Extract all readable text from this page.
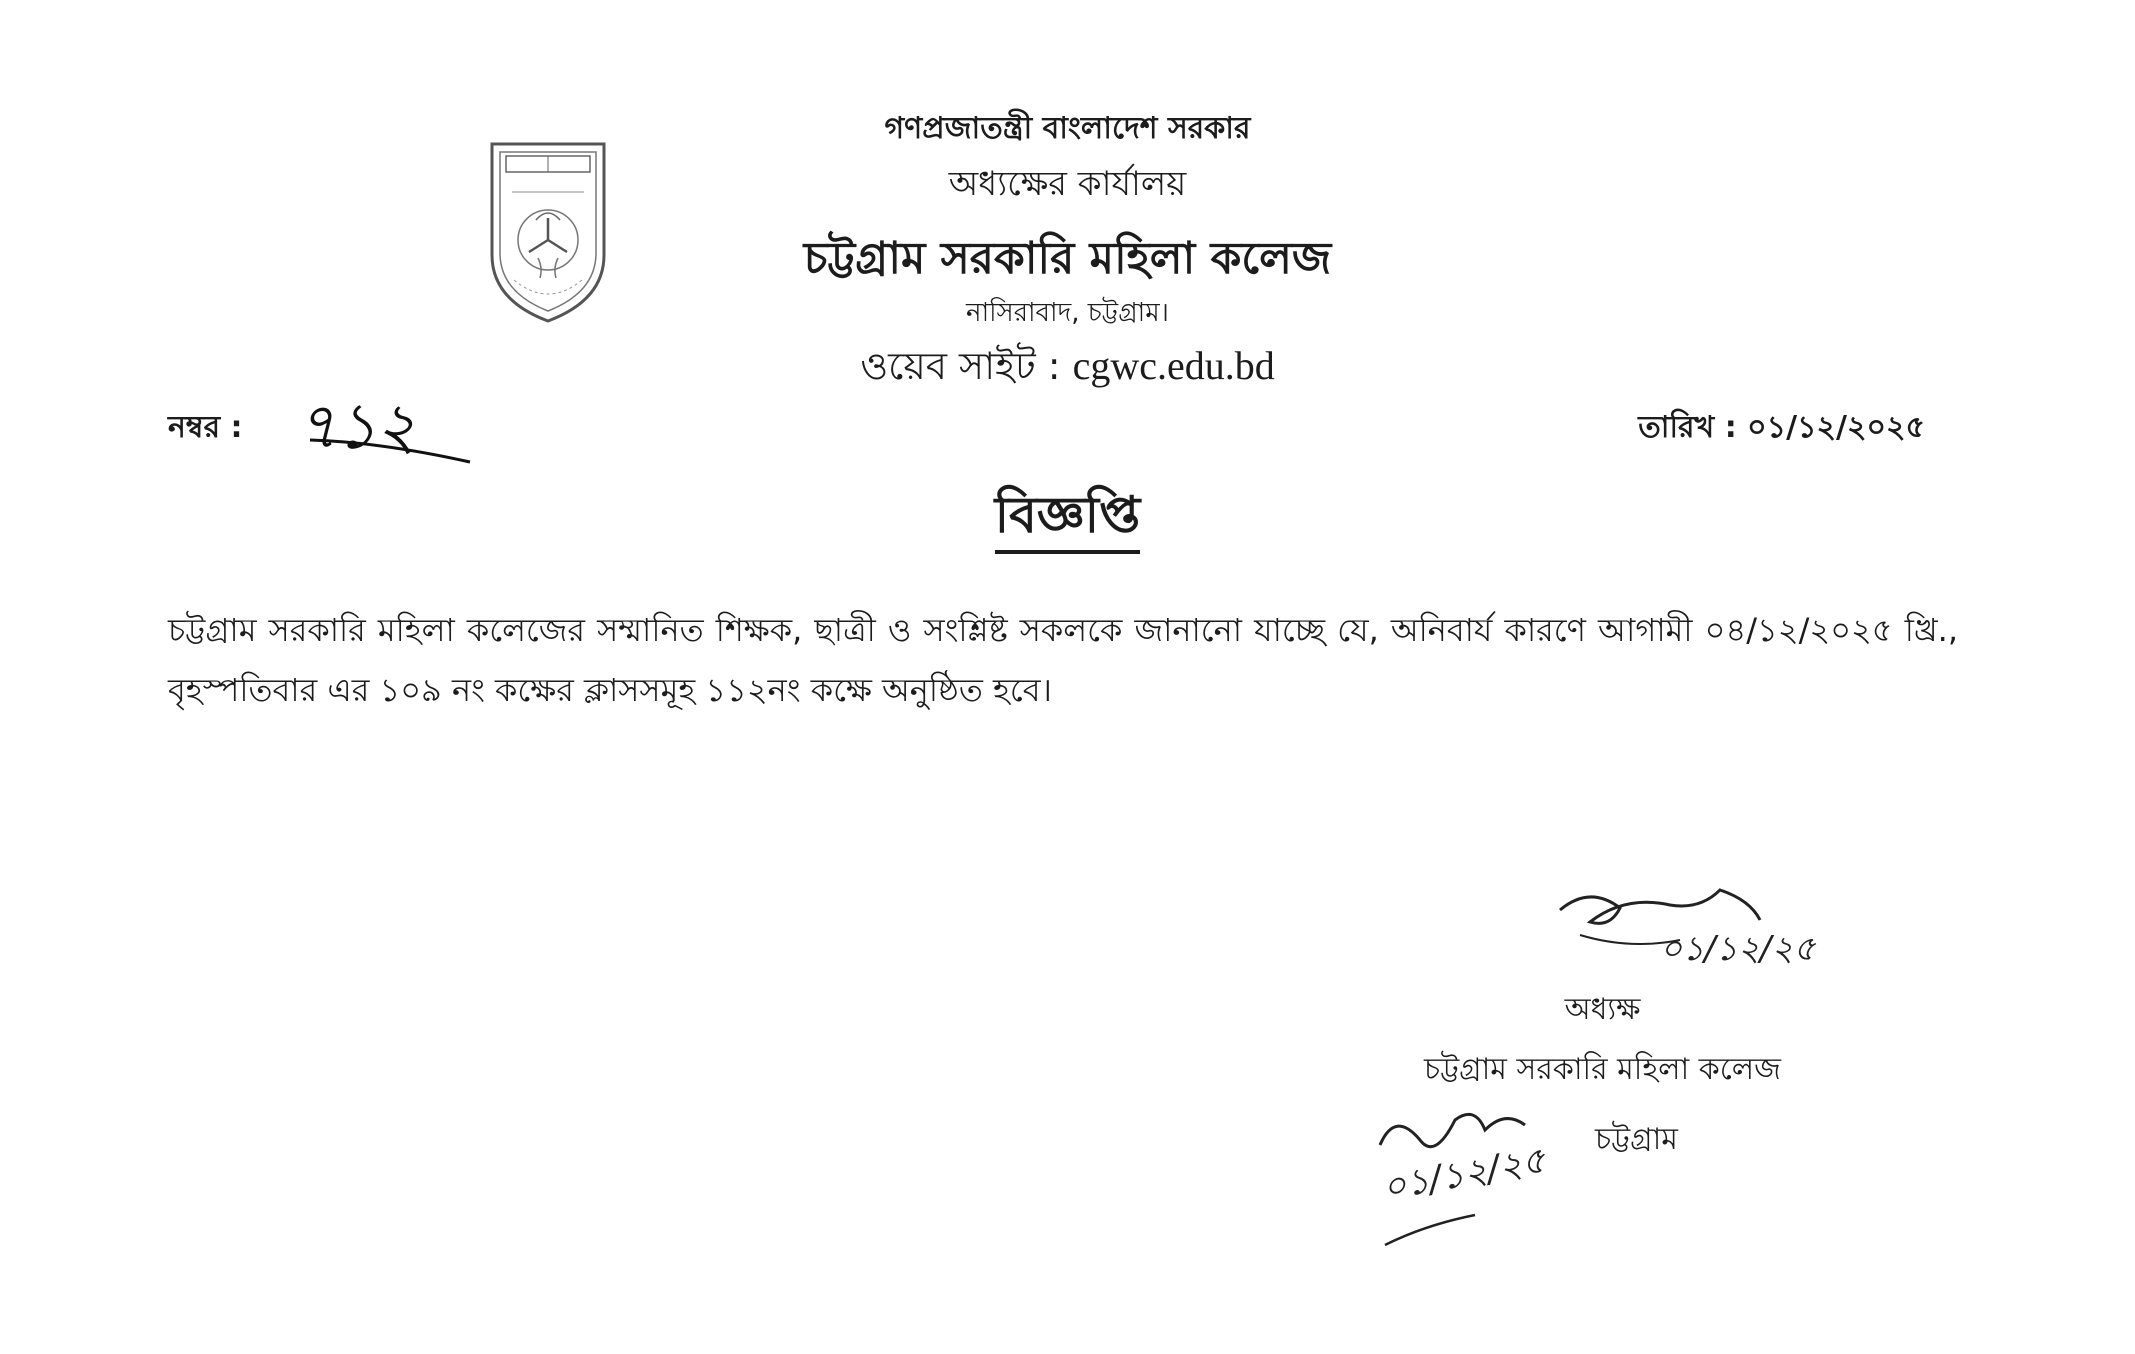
গণপ্রজাতন্ত্রী বাংলাদেশ সরকার
অধ্যক্ষের কার্যালয়
চট্টগ্রাম সরকারি মহিলা কলেজ
নাসিরাবাদ, চট্টগ্রাম।
ওয়েব সাইট : cgwc.edu.bd
নম্বর : ৭১২	তারিখ : ০১/১২/২০২৫
বিজ্ঞপ্তি
চট্টগ্রাম সরকারি মহিলা কলেজের সম্মানিত শিক্ষক, ছাত্রী ও সংশ্লিষ্ট সকলকে জানানো যাচ্ছে যে, অনিবার্য কারণে আগামী ০৪/১২/২০২৫ খ্রি., বৃহস্পতিবার এর ১০৯ নং কক্ষের ক্লাসসমূহ ১১২নং কক্ষে অনুষ্ঠিত হবে।
০১/১২/২৫
অধ্যক্ষ
চট্টগ্রাম সরকারি মহিলা কলেজ
০১/১২/২৫
চট্টগ্রাম
